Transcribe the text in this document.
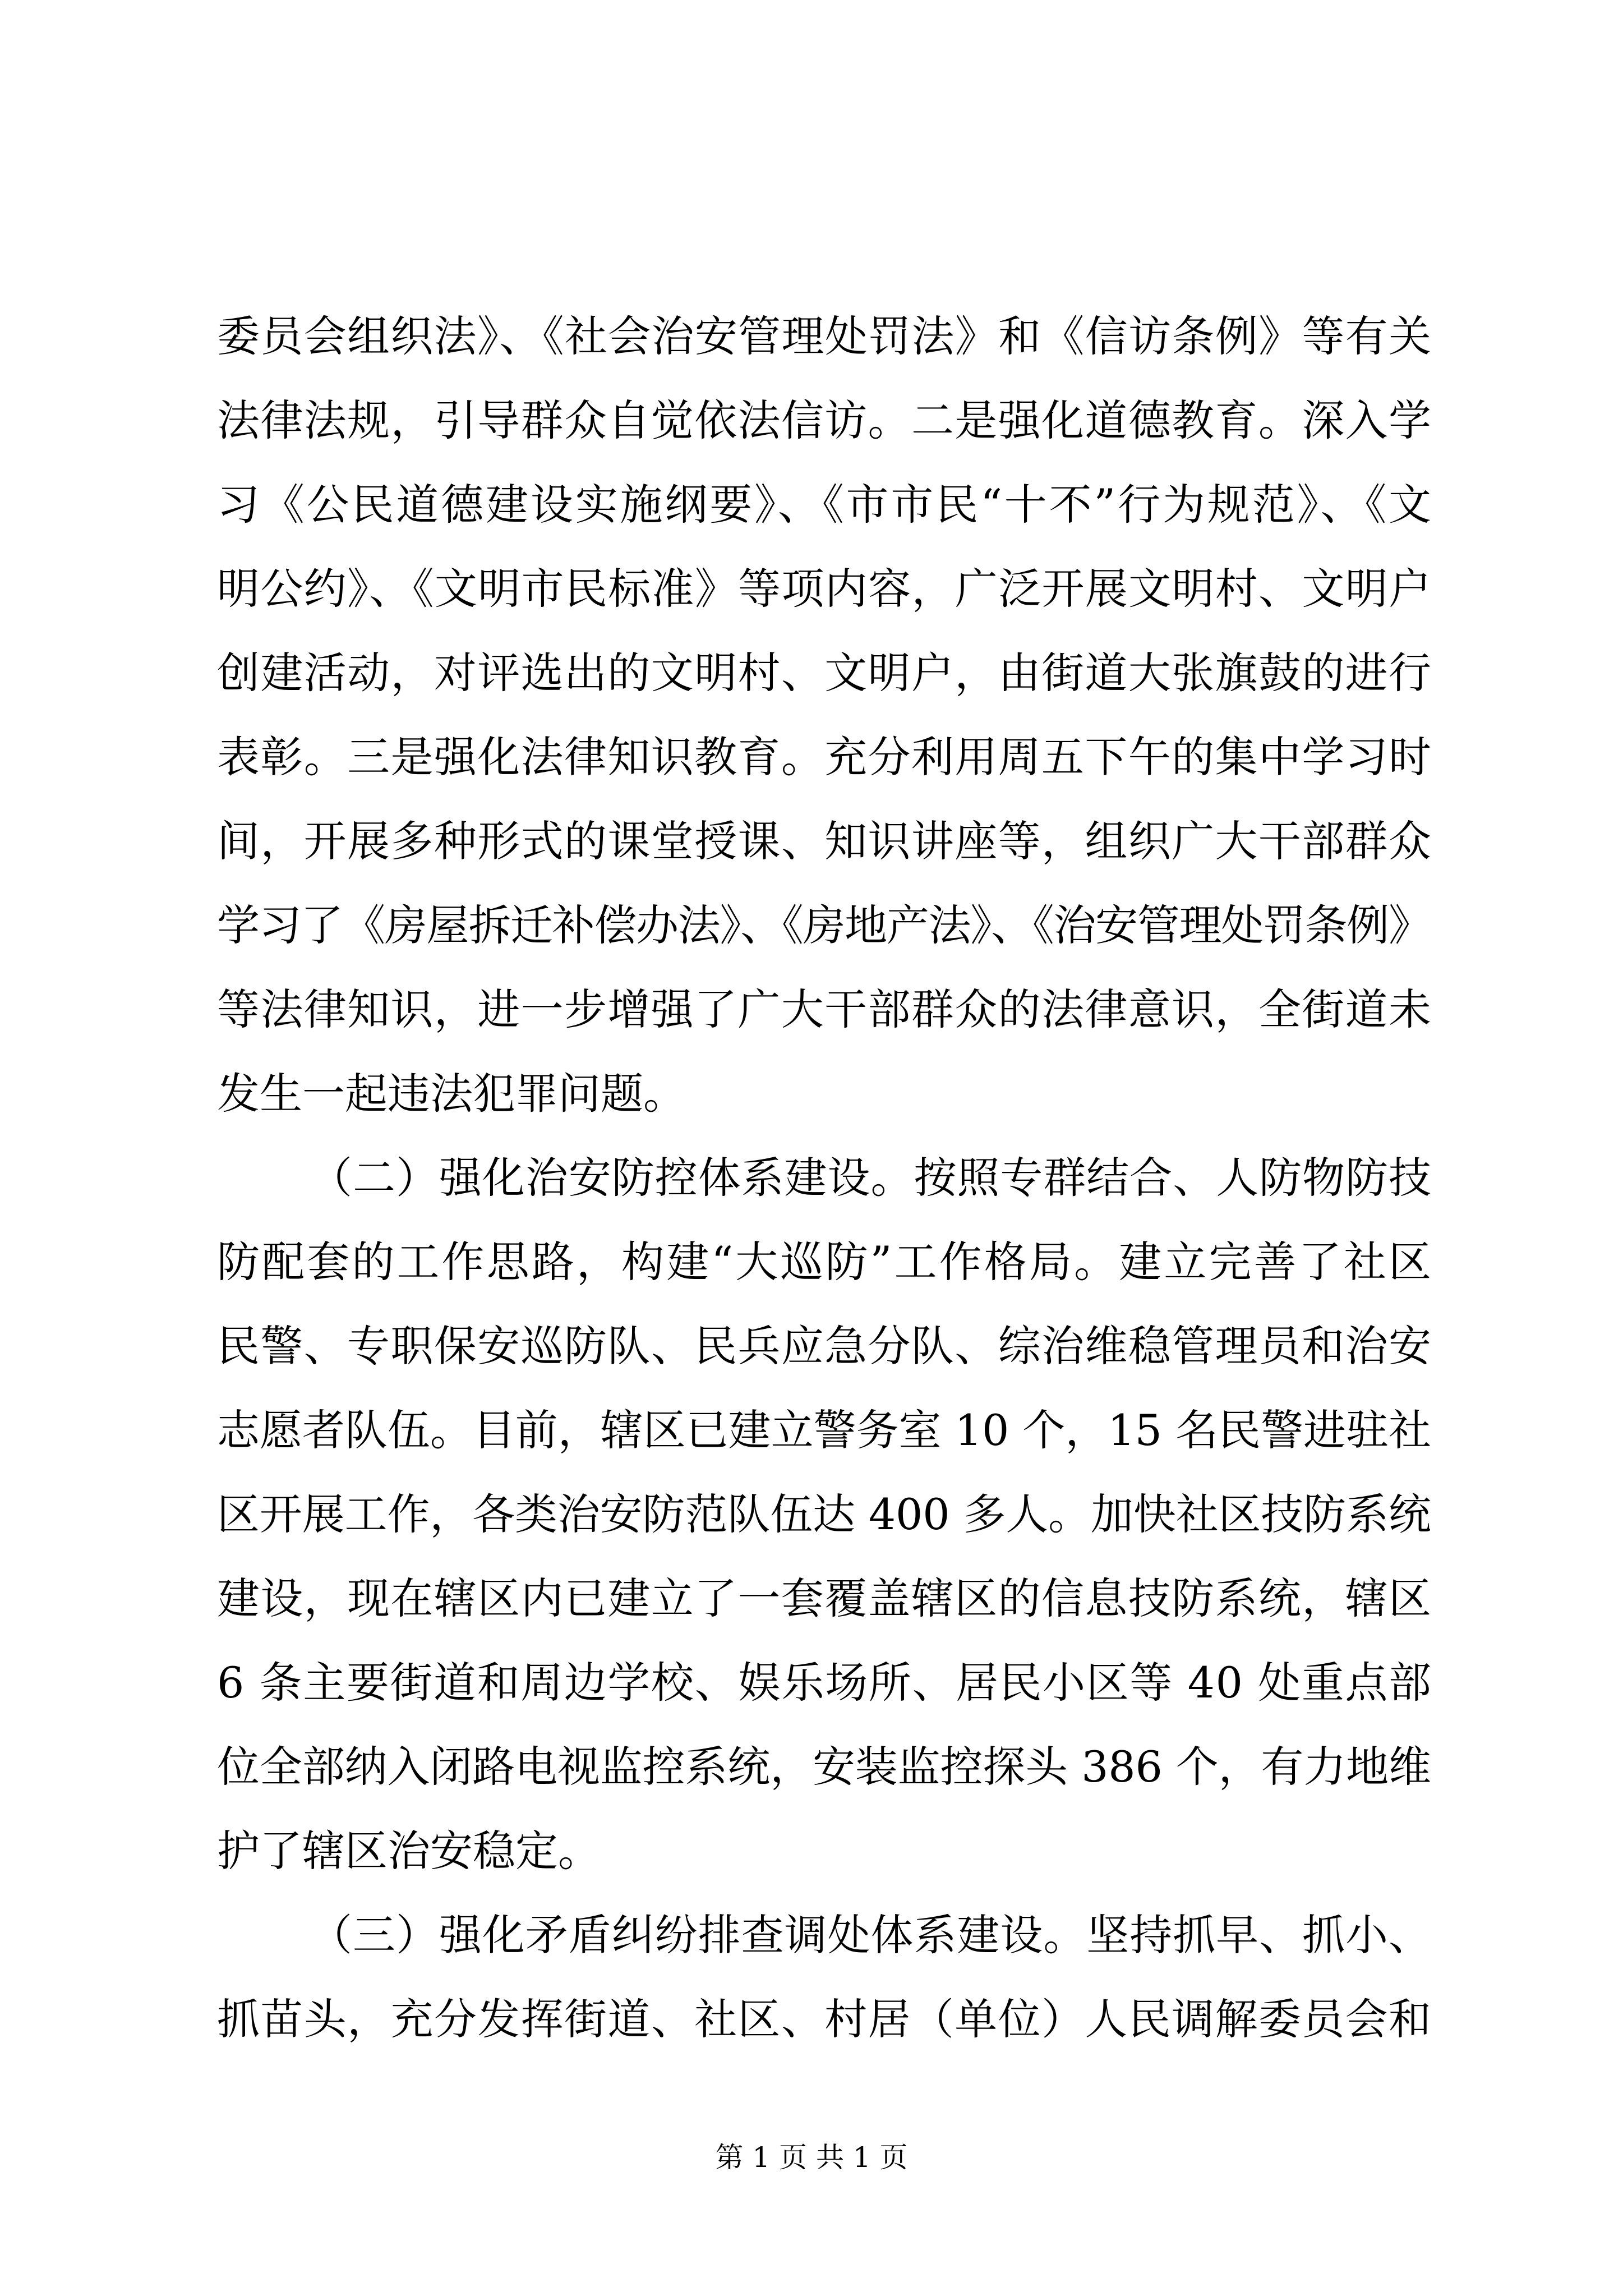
委员会组织法》、《社会治安管理处罚法》和《信访条例》等有关
法律法规，引导群众自觉依法信访。二是强化道德教育。深入学
习《公民道德建设实施纲要》、《市市民“十不”行为规范》、《文
明公约》、《文明市民标准》等项内容，广泛开展文明村、文明户
创建活动，对评选出的文明村、文明户，由街道大张旗鼓的进行
表彰。三是强化法律知识教育。充分利用周五下午的集中学习时
间，开展多种形式的课堂授课、知识讲座等，组织广大干部群众
学习了《房屋拆迁补偿办法》、《房地产法》、《治安管理处罚条例》
等法律知识，进一步增强了广大干部群众的法律意识，全街道未
发生一起违法犯罪问题。
（二）强化治安防控体系建设。按照专群结合、人防物防技
防配套的工作思路，构建“大巡防”工作格局。建立完善了社区
民警、专职保安巡防队、民兵应急分队、综治维稳管理员和治安
志愿者队伍。目前，辖区已建立警务室 10 个，15 名民警进驻社
区开展工作，各类治安防范队伍达 400 多人。加快社区技防系统
建设，现在辖区内已建立了一套覆盖辖区的信息技防系统，辖区
6 条主要街道和周边学校、娱乐场所、居民小区等 40 处重点部
位全部纳入闭路电视监控系统，安装监控探头 386 个，有力地维
护了辖区治安稳定。
（三）强化矛盾纠纷排查调处体系建设。坚持抓早、抓小、
抓苗头，充分发挥街道、社区、村居（单位）人民调解委员会和
第 1 页 共 1 页
